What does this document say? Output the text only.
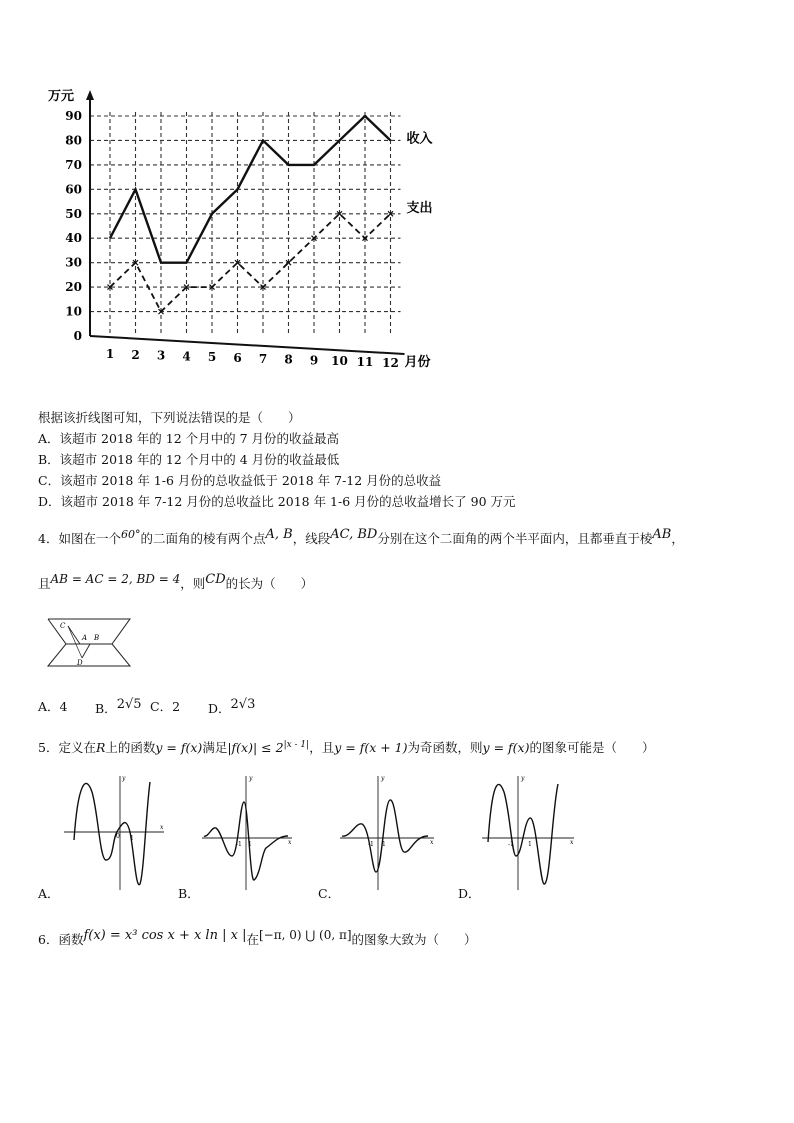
0
10
20
30
40
50
60
70
80
90
1 2 3 4 5 6 7 8 9 10 11 12
万元
月份
收入
支出
根据该折线图可知，下列说法错误的是（　　）
A．该超市 2018 年的 12 个月中的 7 月份的收益最高
B．该超市 2018 年的 12 个月中的 4 月份的收益最低
C．该超市 2018 年 1-6 月份的总收益低于 2018 年 7-12 月份的总收益
D．该超市 2018 年 7-12 月份的总收益比 2018 年 1-6 月份的总收益增长了 90 万元
4．如图在一个$^{60^\circ}$的二面角的棱有两个点$^{A, B}$，线段$^{AC, BD}$分别在这个二面角的两个半平面内，且都垂直于棱$^{AB}$，
且$^{AB = AC = 2, BD = 4}$，则$^{CD}$的长为（　　）
C
A B
D
A．4 B．$^{2√5}$ C．2 D．$^{2√3}$
5．定义在R上的函数y = f(x)满足$|f(x)| \le 2^{|x - 1|}$，且y = f(x + 1)为奇函数，则y = f(x)的图象可能是（　　）
0 1
y
x
A．
-1 1
y
x
B．
-1 1
y
x
C．
-1 1
y
x
D．
6．函数$^{f(x) = x^3 cos x + x ln | x |}$在[−π, 0) ⋃ (0, π]的图象大致为（　　）
